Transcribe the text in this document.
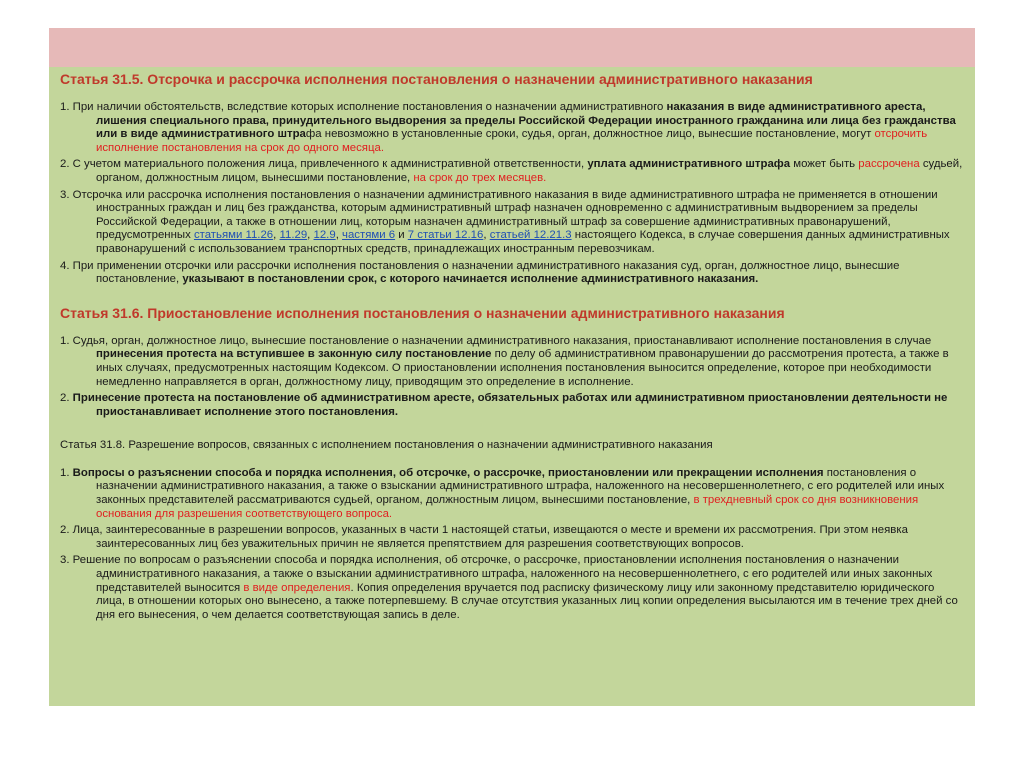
Статья 31.5. Отсрочка и рассрочка исполнения постановления о назначении административного наказания
1. При наличии обстоятельств, вследствие которых исполнение постановления о назначении административного наказания в виде административного ареста, лишения специального права, принудительного выдворения за пределы Российской Федерации иностранного гражданина или лица без гражданства или в виде административного штрафа невозможно в установленные сроки, судья, орган, должностное лицо, вынесшие постановление, могут отсрочить исполнение постановления на срок до одного месяца.
2. С учетом материального положения лица, привлеченного к административной ответственности, уплата административного штрафа может быть рассрочена судьей, органом, должностным лицом, вынесшими постановление, на срок до трех месяцев.
3. Отсрочка или рассрочка исполнения постановления о назначении административного наказания в виде административного штрафа не применяется в отношении иностранных граждан и лиц без гражданства, которым административный штраф назначен одновременно с административным выдворением за пределы Российской Федерации, а также в отношении лиц, которым назначен административный штраф за совершение административных правонарушений, предусмотренных статьями 11.26, 11.29, 12.9, частями 6 и 7 статьи 12.16, статьей 12.21.3 настоящего Кодекса, в случае совершения данных административных правонарушений с использованием транспортных средств, принадлежащих иностранным перевозчикам.
4. При применении отсрочки или рассрочки исполнения постановления о назначении административного наказания суд, орган, должностное лицо, вынесшие постановление, указывают в постановлении срок, с которого начинается исполнение административного наказания.
Статья 31.6. Приостановление исполнения постановления о назначении административного наказания
1. Судья, орган, должностное лицо, вынесшие постановление о назначении административного наказания, приостанавливают исполнение постановления в случае принесения протеста на вступившее в законную силу постановление по делу об административном правонарушении до рассмотрения протеста, а также в иных случаях, предусмотренных настоящим Кодексом. О приостановлении исполнения постановления выносится определение, которое при необходимости немедленно направляется в орган, должностному лицу, приводящим это определение в исполнение.
2. Принесение протеста на постановление об административном аресте, обязательных работах или административном приостановлении деятельности не приостанавливает исполнение этого постановления.
Статья 31.8. Разрешение вопросов, связанных с исполнением постановления о назначении административного наказания
1. Вопросы о разъяснении способа и порядка исполнения, об отсрочке, о рассрочке, приостановлении или прекращении исполнения постановления о назначении административного наказания, а также о взыскании административного штрафа, наложенного на несовершеннолетнего, с его родителей или иных законных представителей рассматриваются судьей, органом, должностным лицом, вынесшими постановление, в трехдневный срок со дня возникновения основания для разрешения соответствующего вопроса.
2. Лица, заинтересованные в разрешении вопросов, указанных в части 1 настоящей статьи, извещаются о месте и времени их рассмотрения. При этом неявка заинтересованных лиц без уважительных причин не является препятствием для разрешения соответствующих вопросов.
3. Решение по вопросам о разъяснении способа и порядка исполнения, об отсрочке, о рассрочке, приостановлении исполнения постановления о назначении административного наказания, а также о взыскании административного штрафа, наложенного на несовершеннолетнего, с его родителей или иных законных представителей выносится в виде определения. Копия определения вручается под расписку физическому лицу или законному представителю юридического лица, в отношении которых оно вынесено, а также потерпевшему. В случае отсутствия указанных лиц копии определения высылаются им в течение трех дней со дня его вынесения, о чем делается соответствующая запись в деле.
